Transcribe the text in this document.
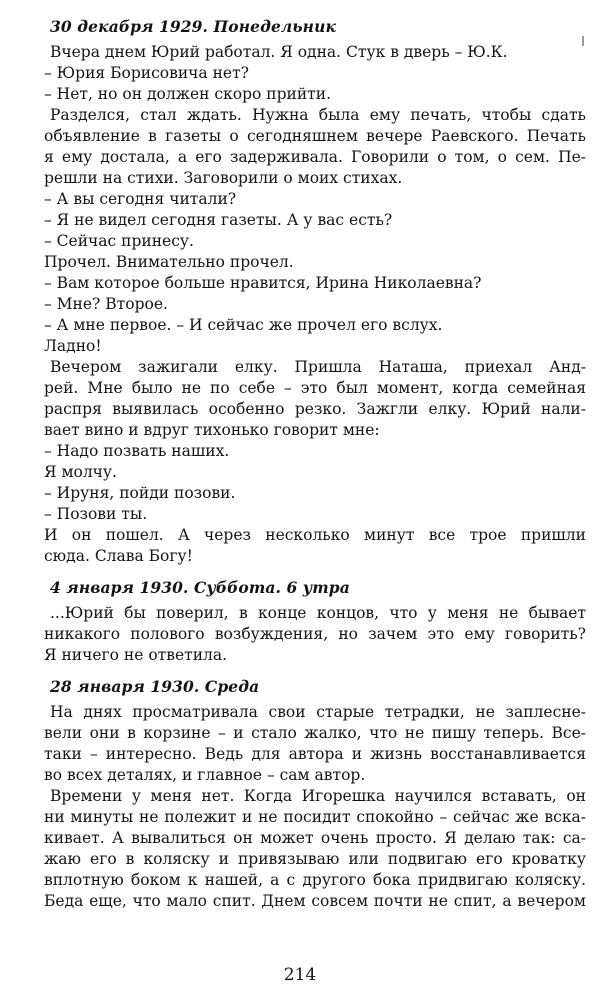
30 декабря 1929. Понедельник
Вчера днем Юрий работал. Я одна. Стук в дверь – Ю.К.
– Юрия Борисовича нет?
– Нет, но он должен скоро прийти.
Разделся, стал ждать. Нужна была ему печать, чтобы сдать
объявление в газеты о сегодняшнем вечере Раевского. Печать
я ему достала, а его задерживала. Говорили о том, о сем. Пе-
решли на стихи. Заговорили о моих стихах.
– А вы сегодня читали?
– Я не видел сегодня газеты. А у вас есть?
– Сейчас принесу.
Прочел. Внимательно прочел.
– Вам которое больше нравится, Ирина Николаевна?
– Мне? Второе.
– А мне первое. – И сейчас же прочел его вслух.
Ладно!
Вечером зажигали елку. Пришла Наташа, приехал Анд-
рей. Мне было не по себе – это был момент, когда семейная
распря выявилась особенно резко. Зажгли елку. Юрий нали-
вает вино и вдруг тихонько говорит мне:
– Надо позвать наших.
Я молчу.
– Ируня, пойди позови.
– Позови ты.
И он пошел. А через несколько минут все трое пришли
сюда. Слава Богу!
4 января 1930. Суббота. 6 утра
...Юрий бы поверил, в конце концов, что у меня не бывает
никакого полового возбуждения, но зачем это ему говорить?
Я ничего не ответила.
28 января 1930. Среда
На днях просматривала свои старые тетрадки, не заплесне-
вели они в корзине – и стало жалко, что не пишу теперь. Все-
таки – интересно. Ведь для автора и жизнь восстанавливается
во всех деталях, и главное – сам автор.
Времени у меня нет. Когда Игорешка научился вставать, он
ни минуты не полежит и не посидит спокойно – сейчас же вска-
кивает. А вывалиться он может очень просто. Я делаю так: са-
жаю его в коляску и привязываю или подвигаю его кроватку
вплотную боком к нашей, а с другого бока придвигаю коляску.
Беда еще, что мало спит. Днем совсем почти не спит, а вечером
214
